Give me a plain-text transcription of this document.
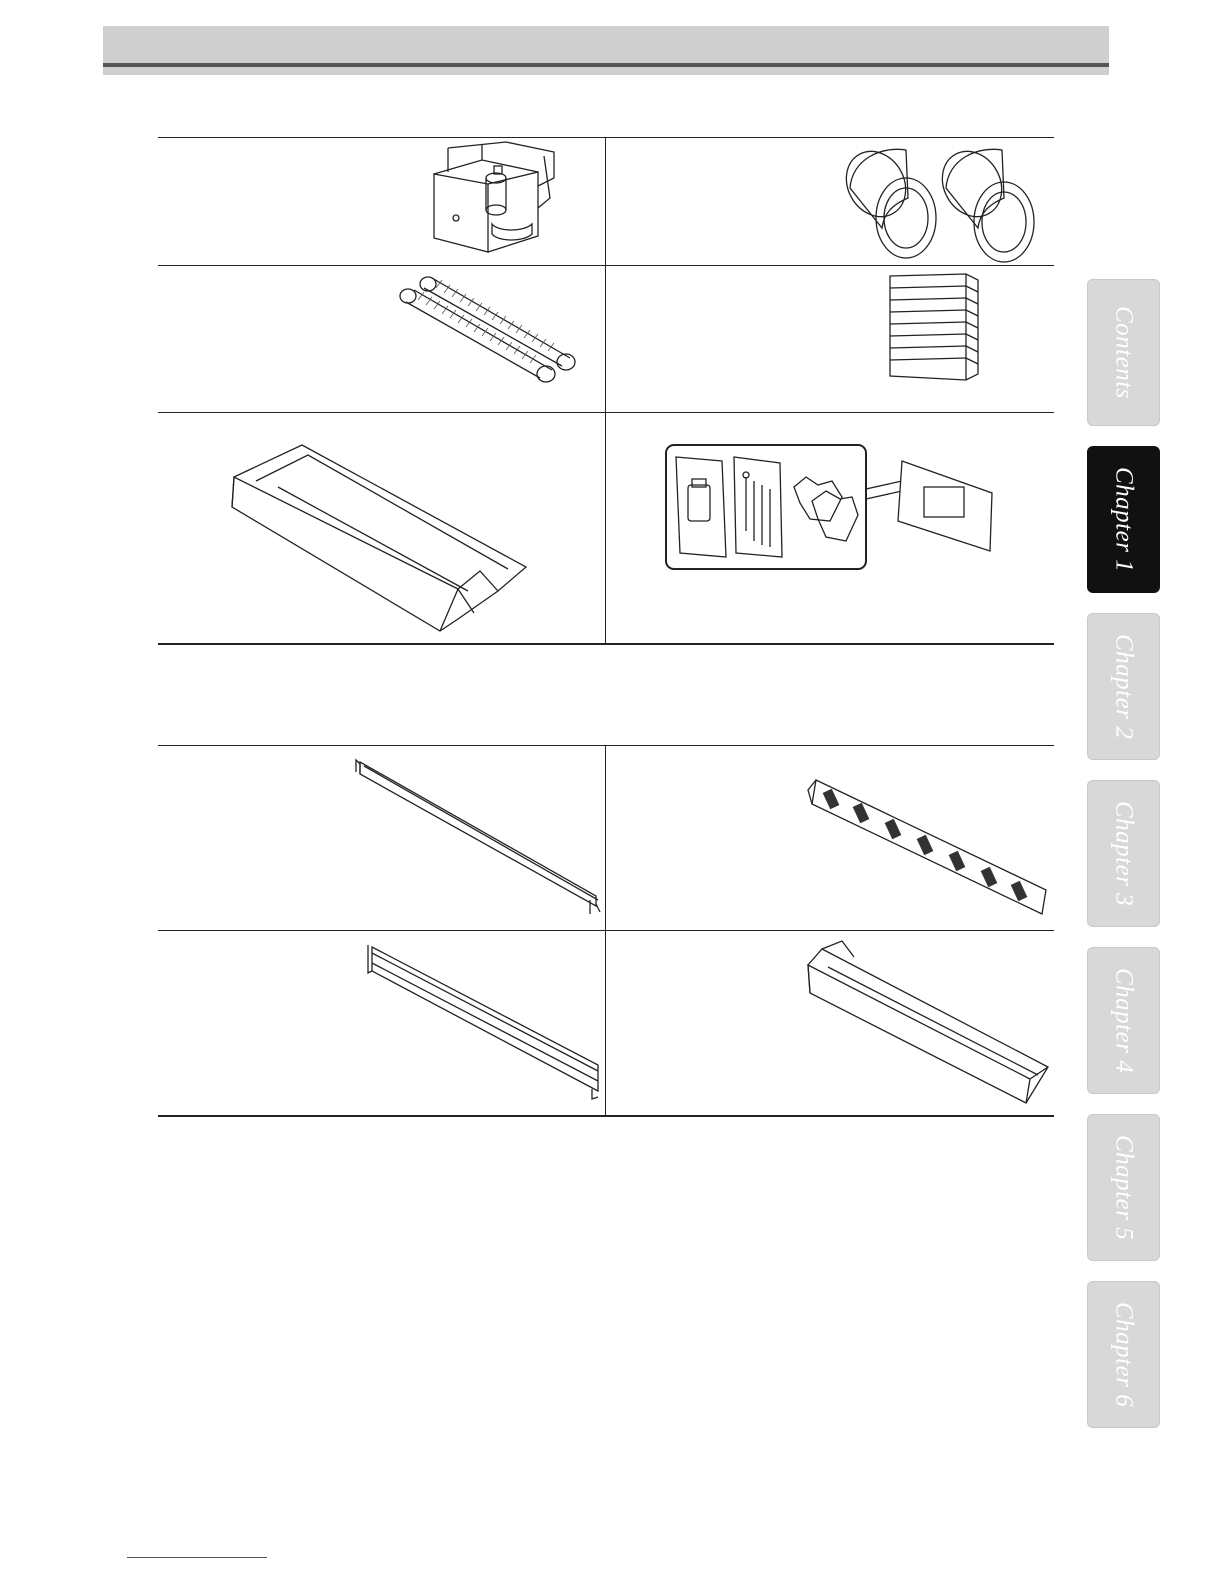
Contents
Chapter 1
Chapter 2
Chapter 3
Chapter 4
Chapter 5
Chapter 6
